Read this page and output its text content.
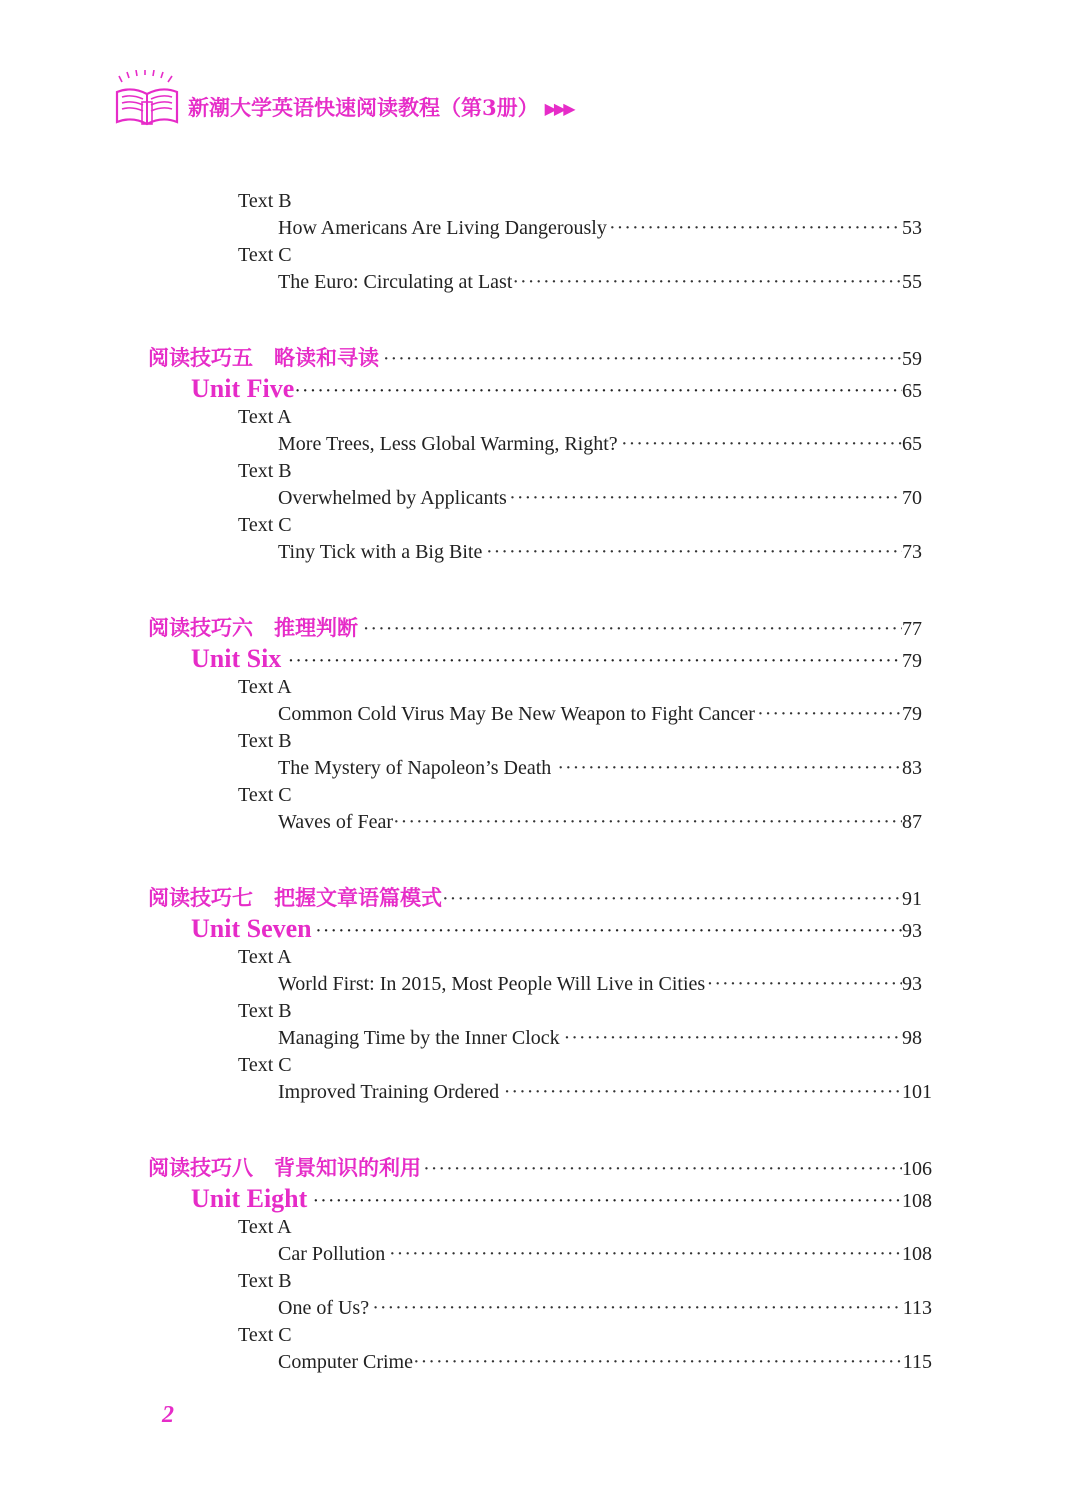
新潮大学英语快速阅读教程（第3册） ▶▶▶
Text B
How Americans Are Living Dangerously ·····	53
Text C
The Euro: Circulating at Last ·····	55
阅读技巧五　略读和寻读 ·····	59
Unit Five ·····	65
Text A
More Trees, Less Global Warming, Right? ·····	65
Text B
Overwhelmed by Applicants ·····	70
Text C
Tiny Tick with a Big Bite ·····	73
阅读技巧六　推理判断 ·····	77
Unit Six ·····	79
Text A
Common Cold Virus May Be New Weapon to Fight Cancer ·····	79
Text B
The Mystery of Napoleon’s Death ·····	83
Text C
Waves of Fear ·····	87
阅读技巧七　把握文章语篇模式 ·····	91
Unit Seven ·····	93
Text A
World First: In 2015, Most People Will Live in Cities ·····	93
Text B
Managing Time by the Inner Clock ·····	98
Text C
Improved Training Ordered ·····	101
阅读技巧八　背景知识的利用 ·····	106
Unit Eight ·····	108
Text A
Car Pollution ·····	108
Text B
One of Us? ·····	113
Text C
Computer Crime ·····	115
2
